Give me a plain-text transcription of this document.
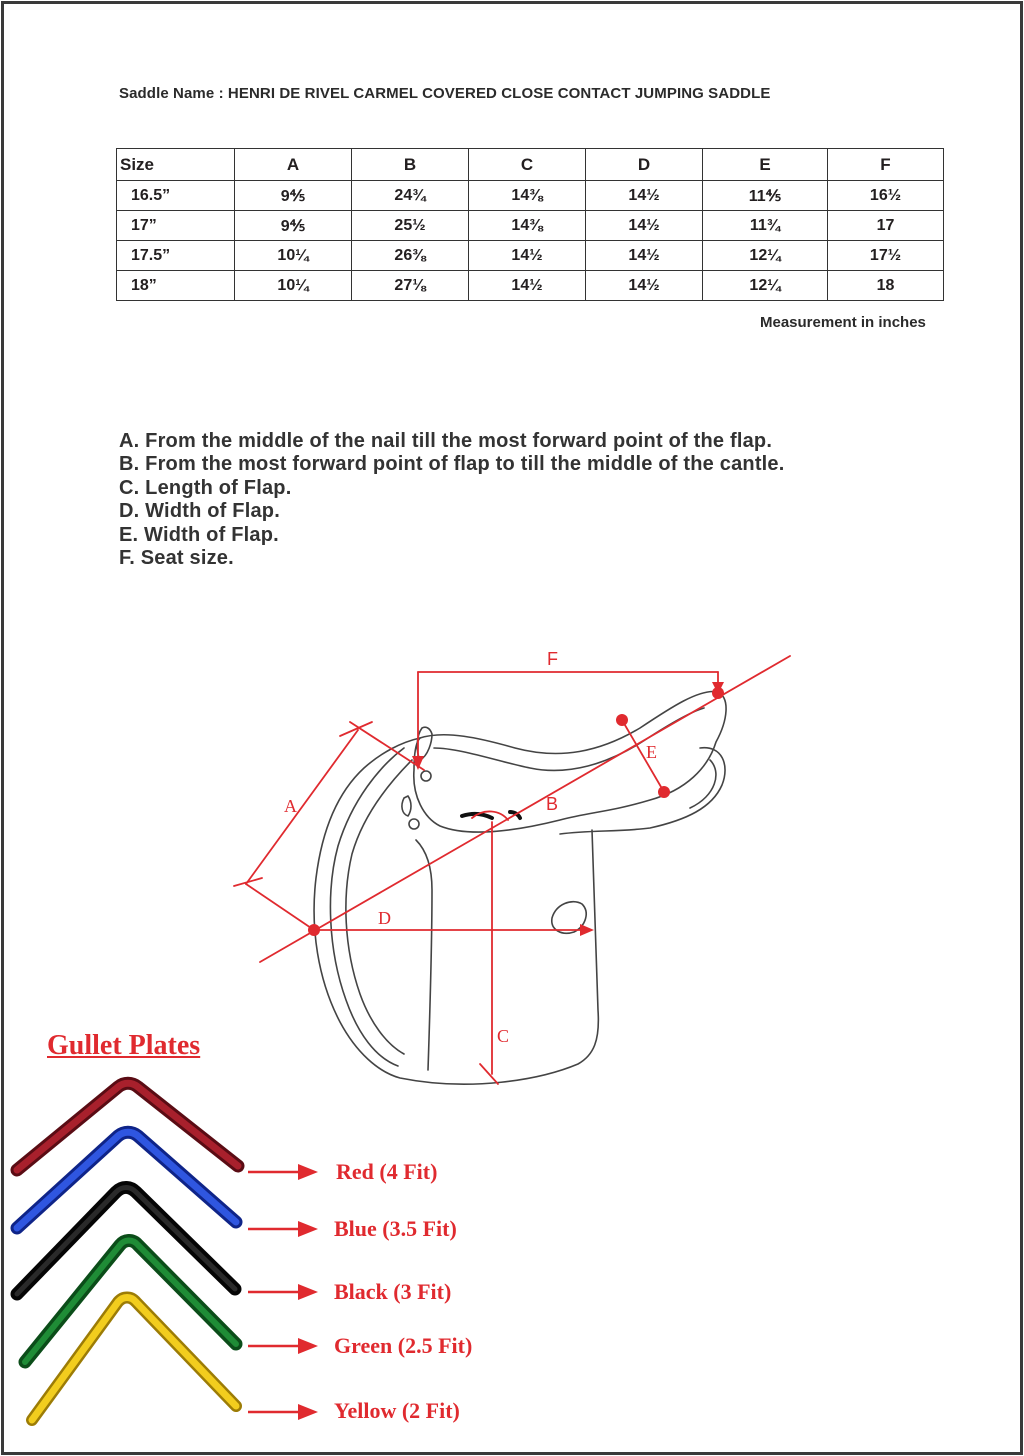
Saddle Name : HENRI DE RIVEL CARMEL COVERED CLOSE CONTACT JUMPING SADDLE
Size	A	B	C	D	E	F
16.5”	9⅘	24¾	14⅜	14½	11⅘	16½
17”	9⅘	25½	14⅜	14½	11¾	17
17.5”	10¼	26⅜	14½	14½	12¼	17½
18”	10¼	27⅛	14½	14½	12¼	18
Measurement in inches
A. From the middle of the nail till the most forward point of the flap.
B. From the most forward point of flap to till the middle of the cantle.
C. Length of Flap.
D. Width of Flap.
E. Width of Flap.
F. Seat size.
A	B
C
D
E
F
Gullet Plates
Red (4 Fit)
Blue (3.5 Fit)
Black (3 Fit)
Green (2.5 Fit)
Yellow (2 Fit)
